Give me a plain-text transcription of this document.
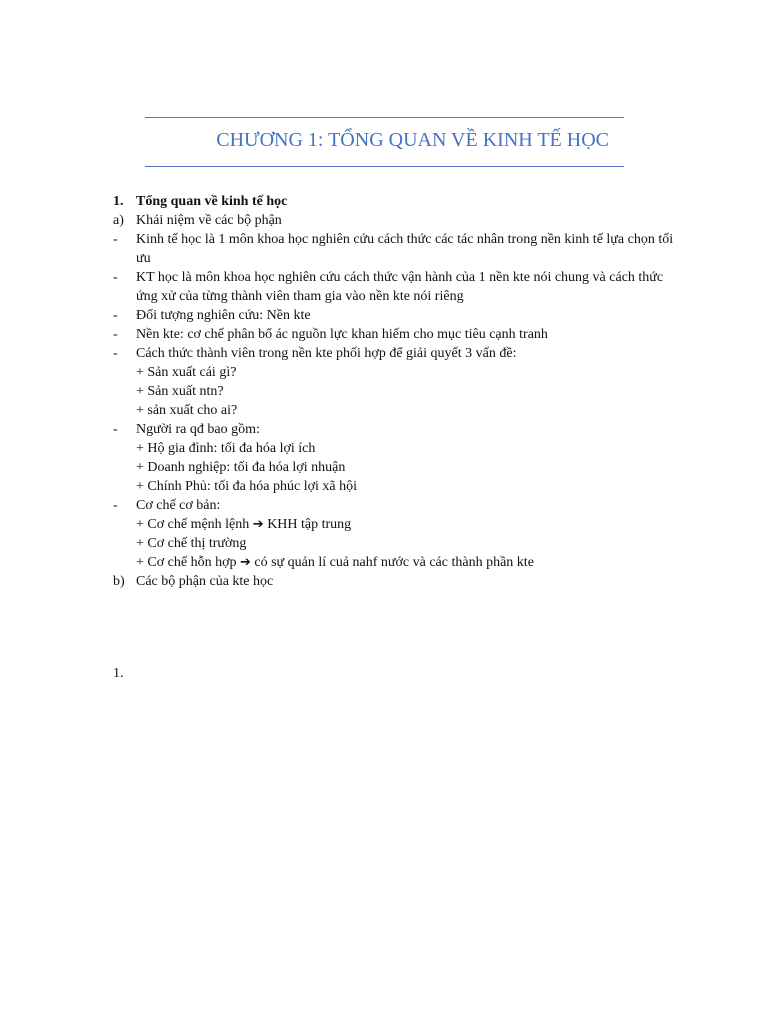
CHƯƠNG 1: TỔNG QUAN VỀ KINH TẾ HỌC
1. Tổng quan về kinh tế học
a) Khái niệm về các bộ phận
-	Kinh tế học là 1 môn khoa học nghiên cứu cách thức các tác nhân trong nền kinh tế lựa chọn tối ưu
-	KT học là môn khoa học nghiên cứu cách thức vận hành của 1 nền kte nói chung và cách thức ứng xử của từng thành viên tham gia vào nền kte nói riêng
-	Đối tượng nghiên cứu: Nền kte
-	Nền kte: cơ chế phân bổ ác nguồn lực khan hiếm cho mục tiêu cạnh tranh
-	Cách thức thành viên trong nền kte phối hợp để giải quyết 3 vấn đề:
+ Sản xuất cái gì?
+ Sản xuất ntn?
+ sản xuất cho ai?
-	Người ra qđ bao gồm:
+ Hộ gia đình: tối đa hóa lợi ích
+ Doanh nghiệp: tối đa hóa lợi nhuận
+ Chính Phủ: tối đa hóa phúc lợi xã hội
-	Cơ chế cơ bản:
+ Cơ chế mệnh lệnh ➔ KHH tập trung
+ Cơ chế thị trường
+ Cơ chế hỗn hợp ➔ có sự quản lí cuả nahf nước và các thành phần kte
b) Các bộ phận của kte học
1.
